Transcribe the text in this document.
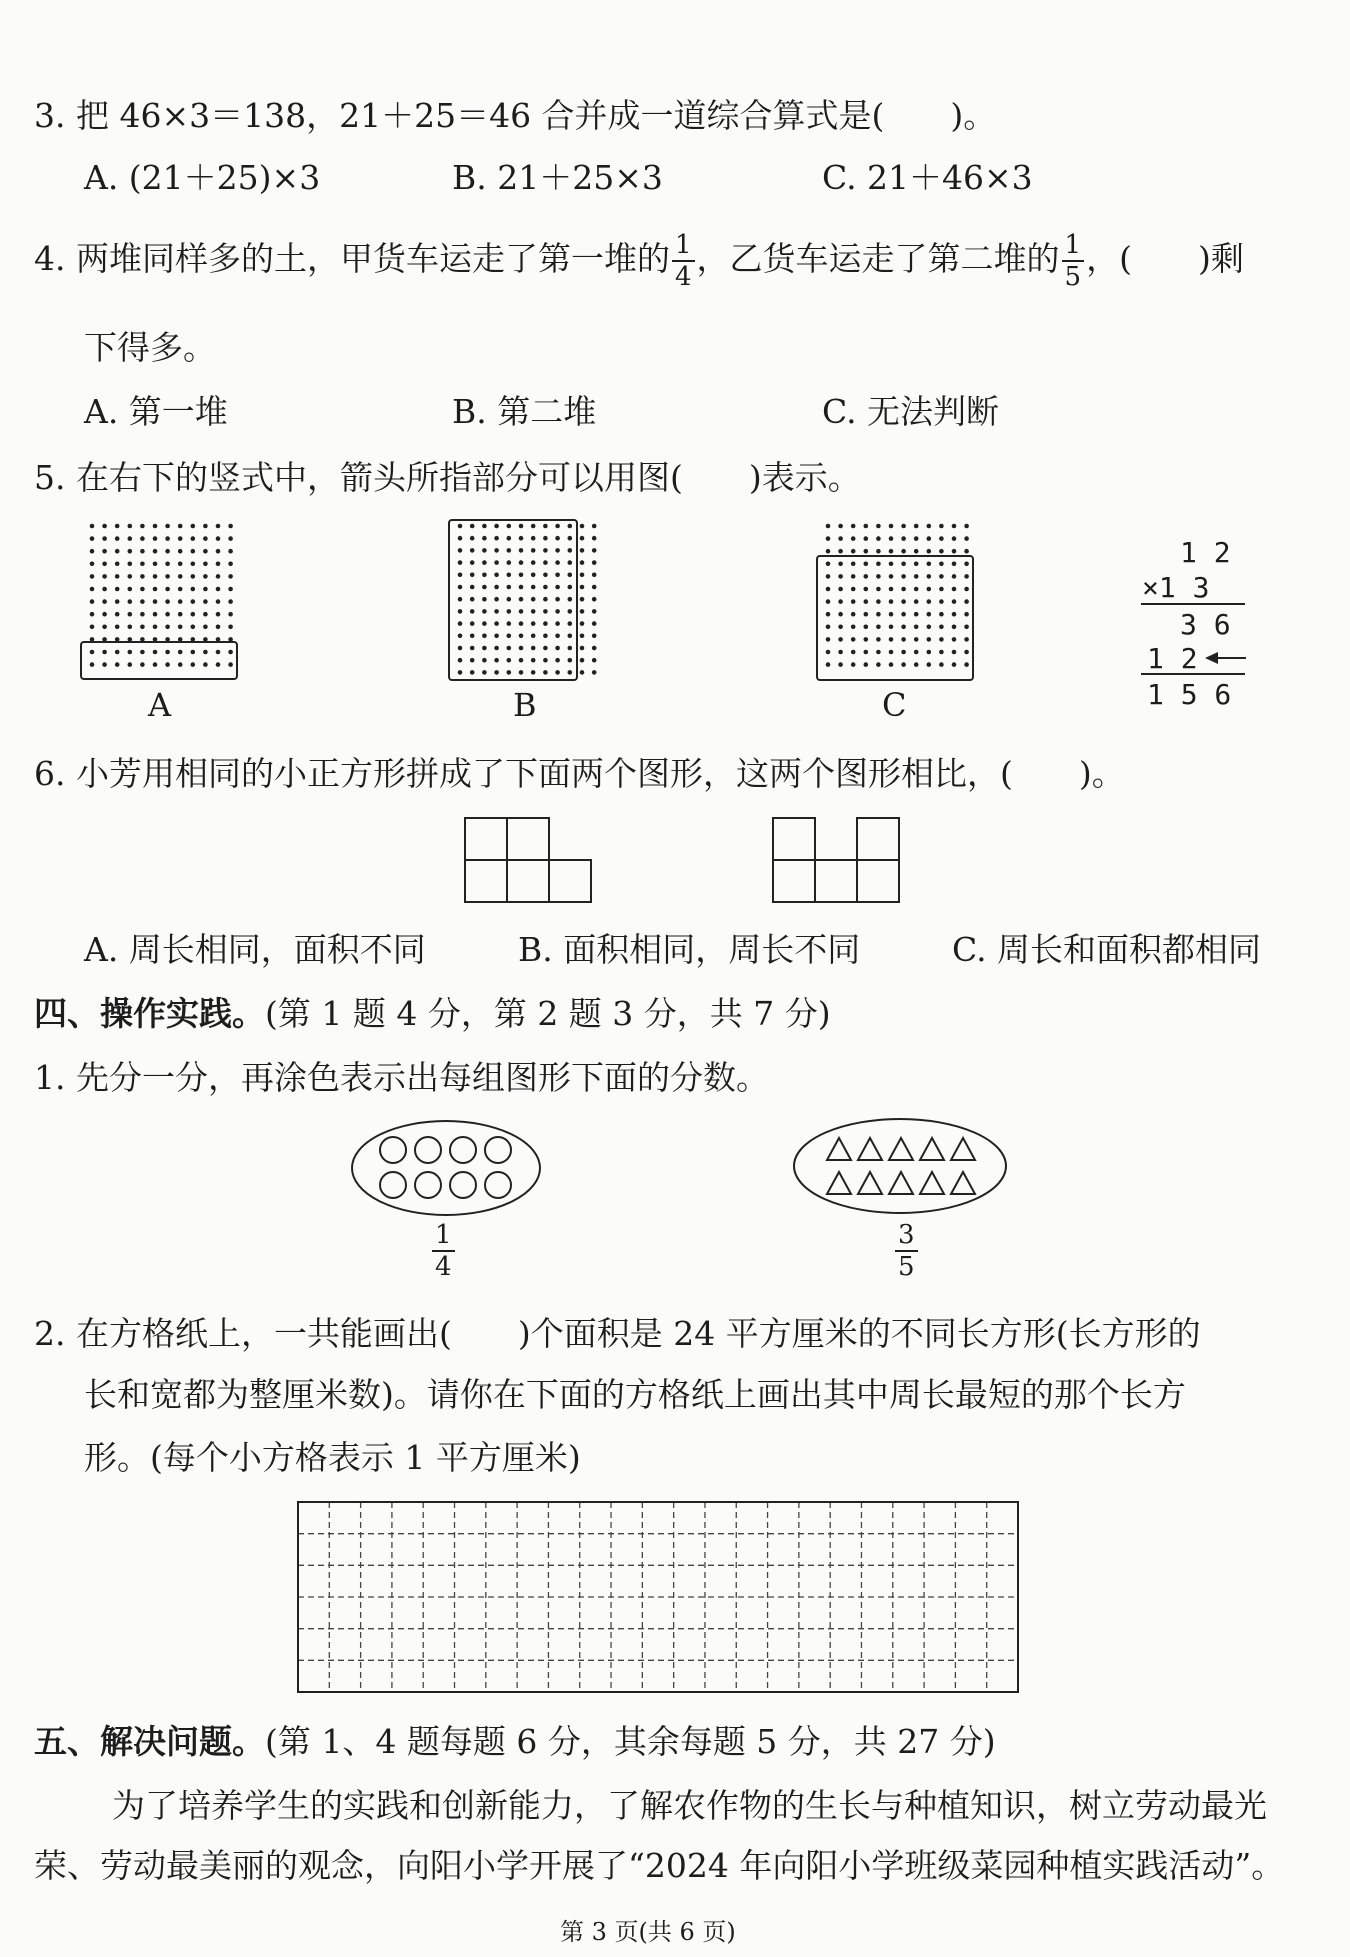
3. 把 46×3＝138，21＋25＝46 合并成一道综合算式是(　　)。
A. (21＋25)×3	B. 21＋25×3	C. 21＋46×3
4. 两堆同样多的土，甲货车运走了第一堆的 $\frac{1}{4}$ ，乙货车运走了第二堆的 $\frac{1}{5}$ ，(　　)剩
下得多。
A. 第一堆	B. 第二堆	C. 无法判断
5. 在右下的竖式中，箭头所指部分可以用图(　　)表示。
A	B	C
1 2
×1 3
3 6
1 2
1 5 6
6. 小芳用相同的小正方形拼成了下面两个图形，这两个图形相比，(　　)。
A. 周长相同，面积不同	B. 面积相同，周长不同	C. 周长和面积都相同
四、操作实践。(第 1 题 4 分，第 2 题 3 分，共 7 分)
1. 先分一分，再涂色表示出每组图形下面的分数。
$\frac{1}{4}$	$\frac{3}{5}$
2. 在方格纸上，一共能画出(　　)个面积是 24 平方厘米的不同长方形(长方形的
长和宽都为整厘米数)。请你在下面的方格纸上画出其中周长最短的那个长方
形。(每个小方格表示 1 平方厘米)
五、解决问题。(第 1、4 题每题 6 分，其余每题 5 分，共 27 分)
为了培养学生的实践和创新能力，了解农作物的生长与种植知识，树立劳动最光
荣、劳动最美丽的观念，向阳小学开展了“2024 年向阳小学班级菜园种植实践活动”。
第 3 页(共 6 页)
